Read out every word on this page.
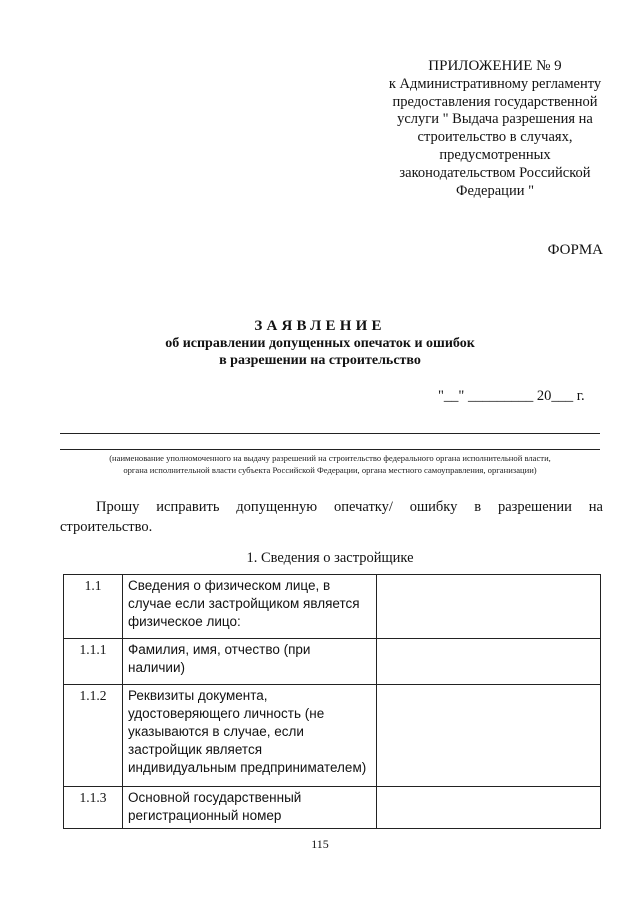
ПРИЛОЖЕНИЕ № 9
к Административному регламенту
предоставления государственной
услуги " Выдача разрешения на
строительство в случаях,
предусмотренных
законодательством Российской
Федерации "
ФОРМА
ЗАЯВЛЕНИЕ
об исправлении допущенных опечаток и ошибок
в разрешении на строительство
"__" _________ 20___ г.
(наименование уполномоченного на выдачу разрешений на строительство федерального органа исполнительной власти,
органа исполнительной власти субъекта Российской Федерации, органа местного самоуправления, организации)
Прошу исправить допущенную опечатку/ ошибку в разрешении на строительство.
1. Сведения о застройщике
1.1	Сведения о физическом лице, в случае если застройщиком является физическое лицо:	
1.1.1	Фамилия, имя, отчество (при наличии)	
1.1.2	Реквизиты документа, удостоверяющего личность (не указываются в случае, если застройщик является индивидуальным предпринимателем)	
1.1.3	Основной государственный регистрационный номер	
115
